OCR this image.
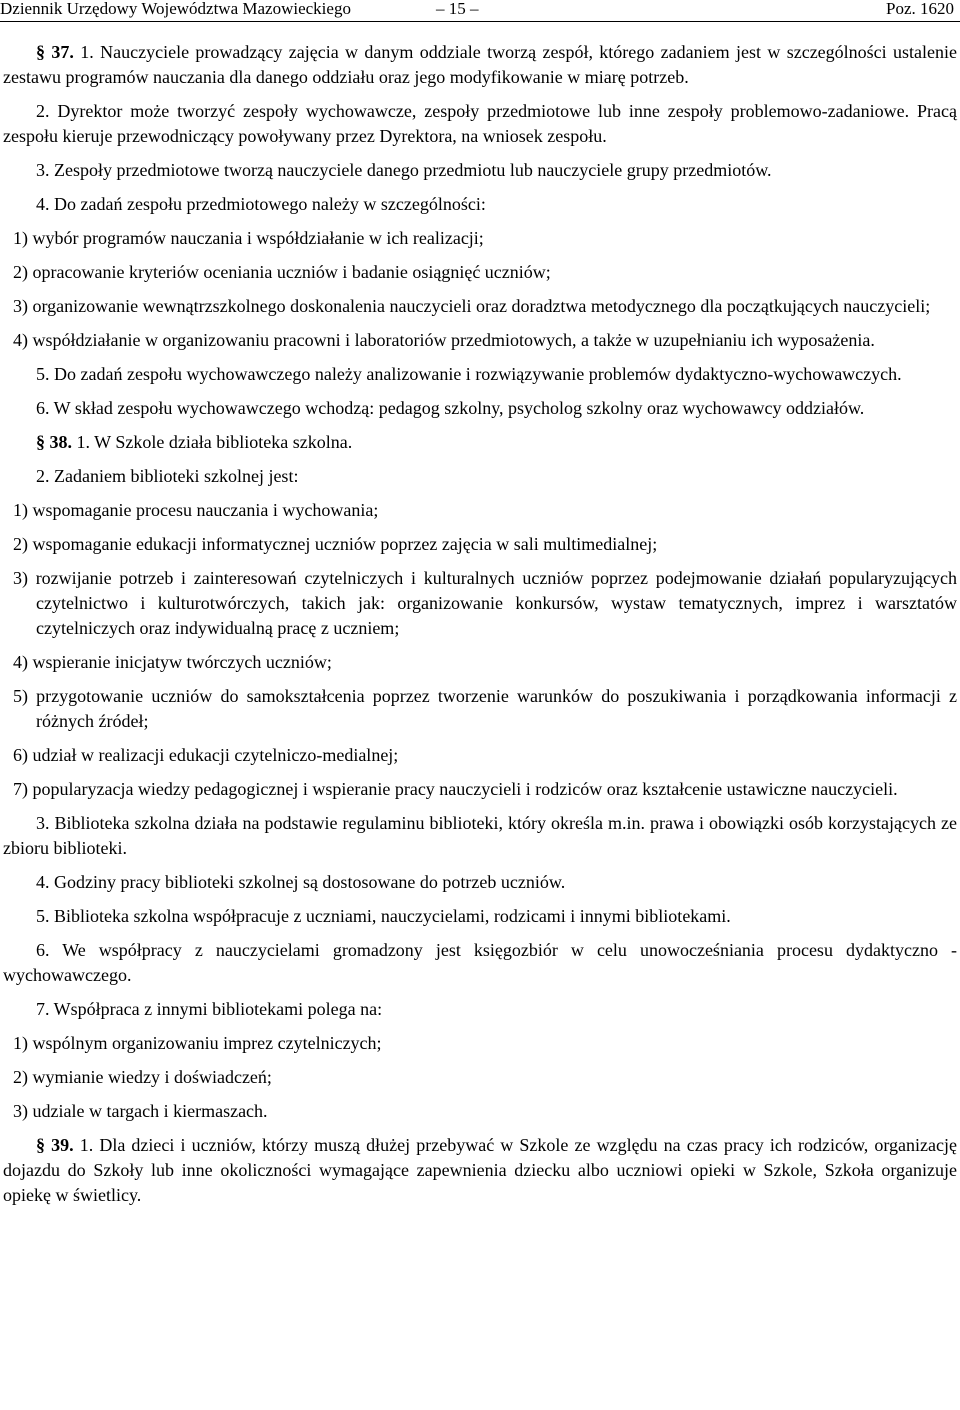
Dziennik Urzędowy Województwa Mazowieckiego	– 15 –	Poz. 1620

§ 37. 1. Nauczyciele prowadzący zajęcia w danym oddziale tworzą zespół, którego zadaniem jest w szczególności ustalenie zestawu programów nauczania dla danego oddziału oraz jego modyfikowanie w miarę potrzeb.

2. Dyrektor może tworzyć zespoły wychowawcze, zespoły przedmiotowe lub inne zespoły problemowo-zadaniowe. Pracą zespołu kieruje przewodniczący powoływany przez Dyrektora, na wniosek zespołu.

3. Zespoły przedmiotowe tworzą nauczyciele danego przedmiotu lub nauczyciele grupy przedmiotów.

4. Do zadań zespołu przedmiotowego należy w szczególności:

1) wybór programów nauczania i współdziałanie w ich realizacji;

2) opracowanie kryteriów oceniania uczniów i badanie osiągnięć uczniów;

3) organizowanie wewnątrzszkolnego doskonalenia nauczycieli oraz doradztwa metodycznego dla początkujących nauczycieli;

4) współdziałanie w organizowaniu pracowni i laboratoriów przedmiotowych, a także w uzupełnianiu ich wyposażenia.

5. Do zadań zespołu wychowawczego należy analizowanie i rozwiązywanie problemów dydaktyczno-wychowawczych.

6. W skład zespołu wychowawczego wchodzą: pedagog szkolny, psycholog szkolny oraz wychowawcy oddziałów.

§ 38. 1. W Szkole działa biblioteka szkolna.

2. Zadaniem biblioteki szkolnej jest:

1) wspomaganie procesu nauczania i wychowania;

2) wspomaganie edukacji informatycznej uczniów poprzez zajęcia w sali multimedialnej;

3) rozwijanie potrzeb i zainteresowań czytelniczych i kulturalnych uczniów poprzez podejmowanie działań popularyzujących czytelnictwo i kulturotwórczych, takich jak: organizowanie konkursów, wystaw tematycznych, imprez i warsztatów czytelniczych oraz indywidualną pracę z uczniem;

4) wspieranie inicjatyw twórczych uczniów;

5) przygotowanie uczniów do samokształcenia poprzez tworzenie warunków do poszukiwania i porządkowania informacji z różnych źródeł;

6) udział w realizacji edukacji czytelniczo-medialnej;

7) popularyzacja wiedzy pedagogicznej i wspieranie pracy nauczycieli i rodziców oraz kształcenie ustawiczne nauczycieli.

3. Biblioteka szkolna działa na podstawie regulaminu biblioteki, który określa m.in. prawa i obowiązki osób korzystających ze zbioru biblioteki.

4. Godziny pracy biblioteki szkolnej są dostosowane do potrzeb uczniów.

5. Biblioteka szkolna współpracuje z uczniami, nauczycielami, rodzicami i innymi bibliotekami.

6. We współpracy z nauczycielami gromadzony jest księgozbiór w celu unowocześniania procesu dydaktyczno - wychowawczego.

7. Współpraca z innymi bibliotekami polega na:

1) wspólnym organizowaniu imprez czytelniczych;

2) wymianie wiedzy i doświadczeń;

3) udziale w targach i kiermaszach.

§ 39. 1. Dla dzieci i uczniów, którzy muszą dłużej przebywać w Szkole ze względu na czas pracy ich rodziców, organizację dojazdu do Szkoły lub inne okoliczności wymagające zapewnienia dziecku albo uczniowi opieki w Szkole, Szkoła organizuje opiekę w świetlicy.
